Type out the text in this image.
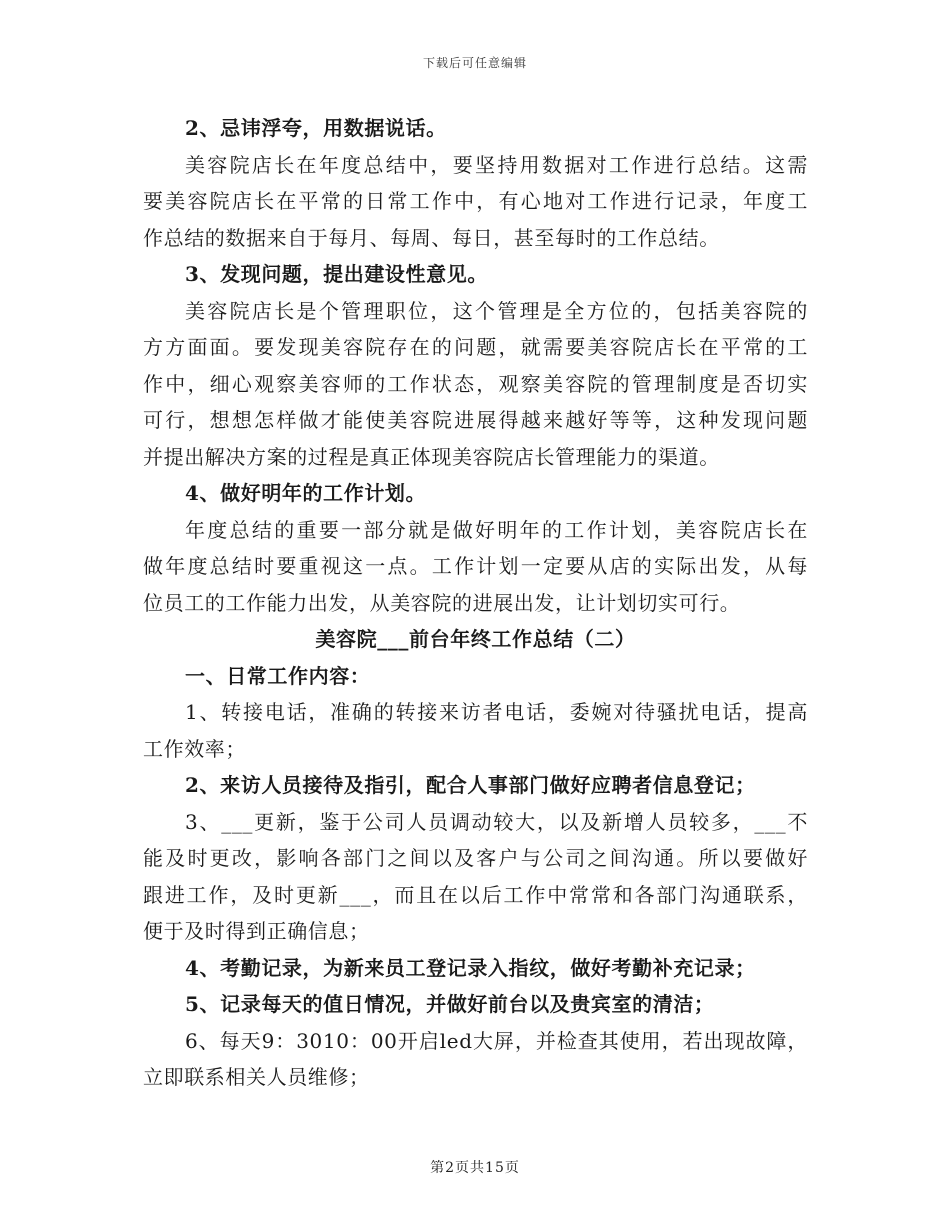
下载后可任意编辑
2、忌讳浮夸，用数据说话。
美容院店长在年度总结中，要坚持用数据对工作进行总结。这需
要美容院店长在平常的日常工作中，有心地对工作进行记录，年度工
作总结的数据来自于每月、每周、每日，甚至每时的工作总结。
3、发现问题，提出建设性意见。
美容院店长是个管理职位，这个管理是全方位的，包括美容院的
方方面面。要发现美容院存在的问题，就需要美容院店长在平常的工
作中，细心观察美容师的工作状态，观察美容院的管理制度是否切实
可行，想想怎样做才能使美容院进展得越来越好等等，这种发现问题
并提出解决方案的过程是真正体现美容院店长管理能力的渠道。
4、做好明年的工作计划。
年度总结的重要一部分就是做好明年的工作计划，美容院店长在
做年度总结时要重视这一点。工作计划一定要从店的实际出发，从每
位员工的工作能力出发，从美容院的进展出发，让计划切实可行。
美容院___前台年终工作总结（二）
一、日常工作内容：
1、转接电话，准确的转接来访者电话，委婉对待骚扰电话，提高
工作效率；
2、来访人员接待及指引，配合人事部门做好应聘者信息登记；
3、___更新，鉴于公司人员调动较大，以及新增人员较多，___不
能及时更改，影响各部门之间以及客户与公司之间沟通。所以要做好
跟进工作，及时更新___，而且在以后工作中常常和各部门沟通联系，
便于及时得到正确信息；
4、考勤记录，为新来员工登记录入指纹，做好考勤补充记录；
5、记录每天的值日情况，并做好前台以及贵宾室的清洁；
6、每天9：3010：00开启led大屏，并检查其使用，若出现故障，
立即联系相关人员维修；
第2页共15页
